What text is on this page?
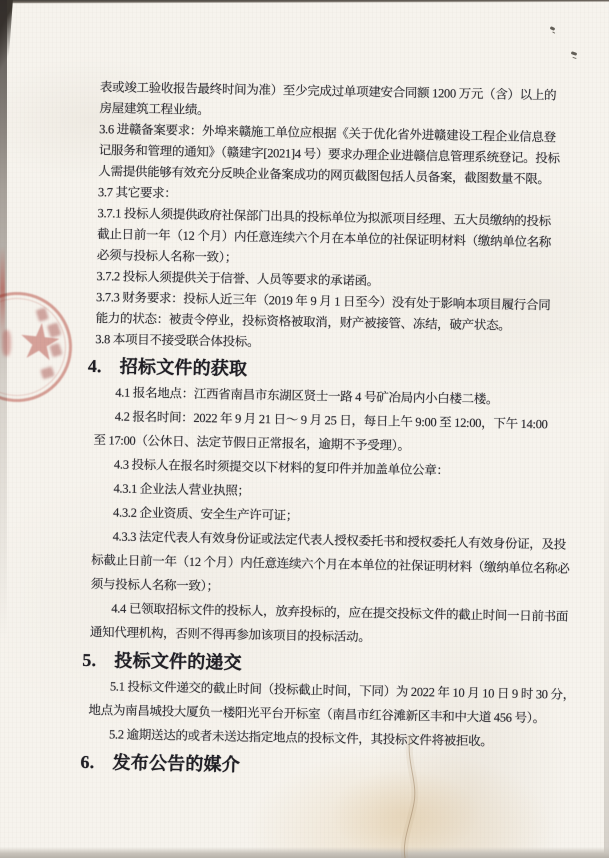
表或竣工验收报告最终时间为准）至少完成过单项建安合同额 1200 万元（含）以上的
房屋建筑工程业绩。
3.6 进赣备案要求：外埠来赣施工单位应根据《关于优化省外进赣建设工程企业信息登
记服务和管理的通知》（赣建字[2021]4 号）要求办理企业进赣信息管理系统登记。投标
人需提供能够有效充分反映企业备案成功的网页截图包括人员备案，截图数量不限。
3.7 其它要求：
3.7.1 投标人须提供政府社保部门出具的投标单位为拟派项目经理、五大员缴纳的投标
截止日前一年（12 个月）内任意连续六个月在本单位的社保证明材料（缴纳单位名称
必须与投标人名称一致）；
3.7.2 投标人须提供关于信誉、人员等要求的承诺函。
3.7.3 财务要求：投标人近三年（2019 年 9 月 1 日至今）没有处于影响本项目履行合同
能力的状态：被责令停业，投标资格被取消，财产被接管、冻结，破产状态。
3.8 本项目不接受联合体投标。
4. 招标文件的获取
4.1 报名地点：江西省南昌市东湖区贤士一路 4 号矿冶局内小白楼二楼。
4.2 报名时间：2022 年 9 月 21 日～ 9 月 25 日，每日上午 9:00 至 12:00，下午 14:00
至 17:00（公休日、法定节假日正常报名，逾期不予受理）。
4.3 投标人在报名时须提交以下材料的复印件并加盖单位公章：
4.3.1 企业法人营业执照；
4.3.2 企业资质、安全生产许可证；
4.3.3 法定代表人有效身份证或法定代表人授权委托书和授权委托人有效身份证，及投
标截止日前一年（12 个月）内任意连续六个月在本单位的社保证明材料（缴纳单位名称必
须与投标人名称一致）；
4.4 已领取招标文件的投标人，放弃投标的，应在提交投标文件的截止时间一日前书面
通知代理机构，否则不得再参加该项目的投标活动。
5. 投标文件的递交
5.1 投标文件递交的截止时间（投标截止时间，下同）为 2022 年 10 月 10 日 9 时 30 分，
地点为南昌城投大厦负一楼阳光平台开标室（南昌市红谷滩新区丰和中大道 456 号）。
5.2 逾期送达的或者未送达指定地点的投标文件，其投标文件将被拒收。
6. 发布公告的媒介
